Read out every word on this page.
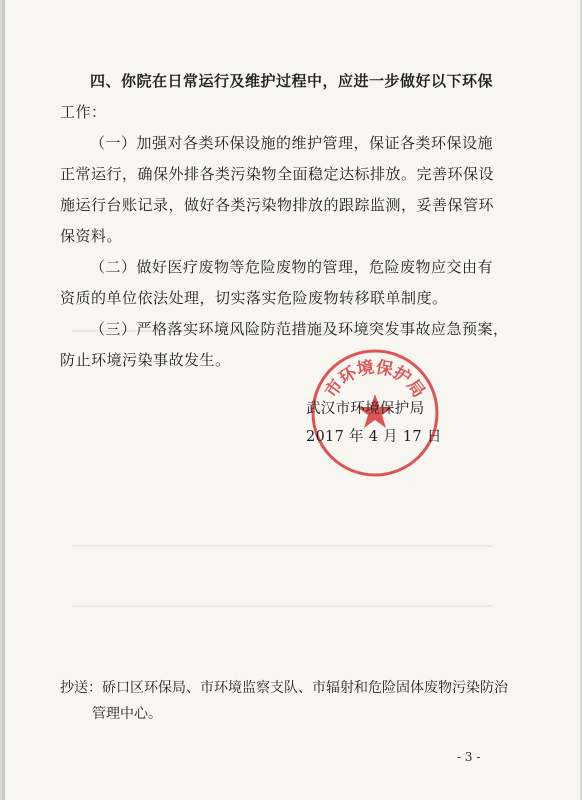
四、你院在日常运行及维护过程中，应进一步做好以下环保
工作：
（一）加强对各类环保设施的维护管理，保证各类环保设施
正常运行，确保外排各类污染物全面稳定达标排放。完善环保设
施运行台账记录，做好各类污染物排放的跟踪监测，妥善保管环
保资料。
（二）做好医疗废物等危险废物的管理，危险废物应交由有
资质的单位依法处理，切实落实危险废物转移联单制度。
（三）严格落实环境风险防范措施及环境突发事故应急预案，
防止环境污染事故发生。
市环境保护局
武汉市环境保护局
2017 年 4 月 17 日
抄送：硚口区环保局、市环境监察支队、市辐射和危险固体废物污染防治
管理中心。
- 3 -
